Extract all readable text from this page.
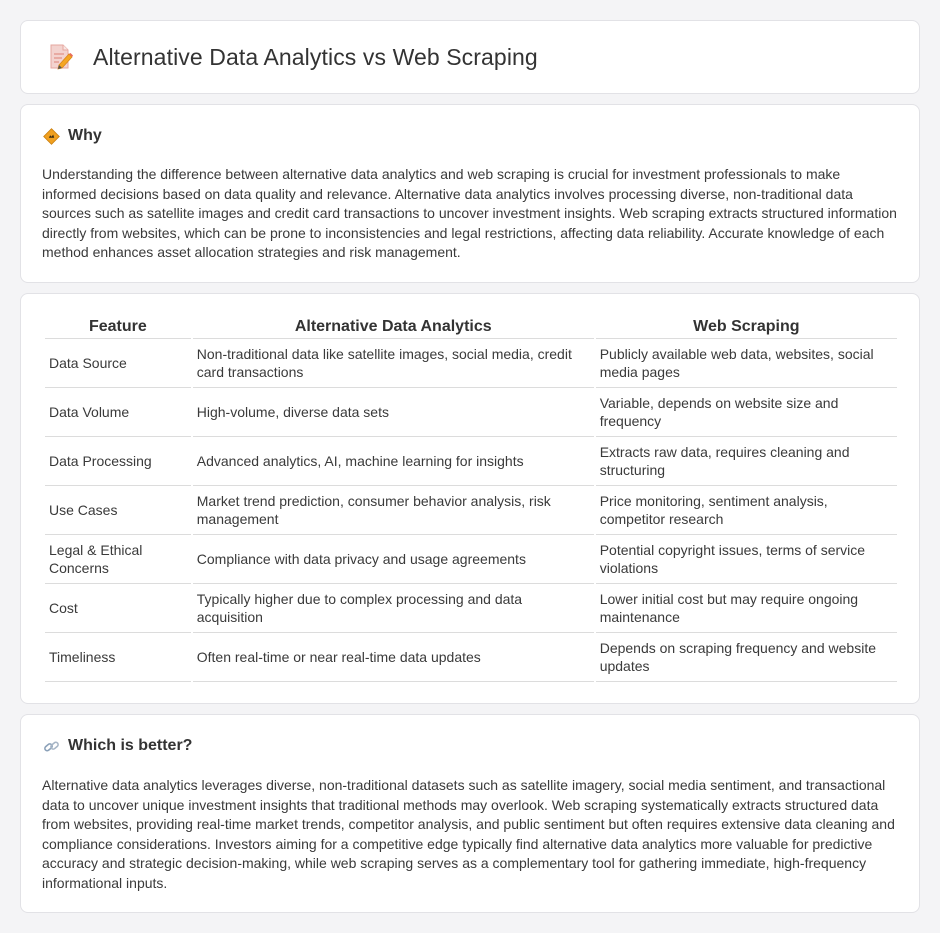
Alternative Data Analytics vs Web Scraping
Why

Understanding the difference between alternative data analytics and web scraping is crucial for investment professionals to make informed decisions based on data quality and relevance. Alternative data analytics involves processing diverse, non-traditional data sources such as satellite images and credit card transactions to uncover investment insights. Web scraping extracts structured information directly from websites, which can be prone to inconsistencies and legal restrictions, affecting data reliability. Accurate knowledge of each method enhances asset allocation strategies and risk management.

Feature	Alternative Data Analytics	Web Scraping
Data Source	Non-traditional data like satellite images, social media, credit card transactions	Publicly available web data, websites, social media pages
Data Volume	High-volume, diverse data sets	Variable, depends on website size and frequency
Data Processing	Advanced analytics, AI, machine learning for insights	Extracts raw data, requires cleaning and structuring
Use Cases	Market trend prediction, consumer behavior analysis, risk management	Price monitoring, sentiment analysis, competitor research
Legal & Ethical Concerns	Compliance with data privacy and usage agreements	Potential copyright issues, terms of service violations
Cost	Typically higher due to complex processing and data acquisition	Lower initial cost but may require ongoing maintenance
Timeliness	Often real-time or near real-time data updates	Depends on scraping frequency and website updates
Which is better?

Alternative data analytics leverages diverse, non-traditional datasets such as satellite imagery, social media sentiment, and transactional data to uncover unique investment insights that traditional methods may overlook. Web scraping systematically extracts structured data from websites, providing real-time market trends, competitor analysis, and public sentiment but often requires extensive data cleaning and compliance considerations. Investors aiming for a competitive edge typically find alternative data analytics more valuable for predictive accuracy and strategic decision-making, while web scraping serves as a complementary tool for gathering immediate, high-frequency informational inputs.
